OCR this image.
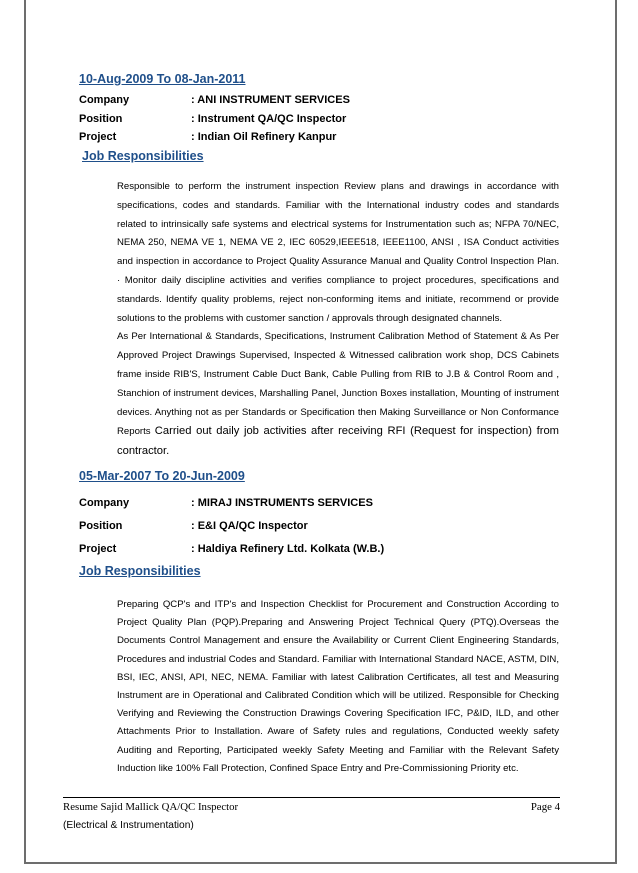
10-Aug-2009 To 08-Jan-2011
Company	: ANI INSTRUMENT SERVICES
Position	: Instrument QA/QC Inspector
Project	: Indian Oil Refinery Kanpur
Job Responsibilities
Responsible to perform the instrument inspection Review plans and drawings in accordance with specifications, codes and standards. Familiar with the International industry codes and standards related to intrinsically safe systems and electrical systems for Instrumentation such as; NFPA 70/NEC, NEMA 250, NEMA VE 1, NEMA VE 2, IEC 60529,IEEE518, IEEE1100, ANSI , ISA Conduct activities and inspection in accordance to Project Quality Assurance Manual and Quality Control Inspection Plan. · Monitor daily discipline activities and verifies compliance to project procedures, specifications and standards. Identify quality problems, reject non-conforming items and initiate, recommend or provide solutions to the problems with customer sanction / approvals through designated channels.
As Per International & Standards, Specifications, Instrument Calibration Method of Statement & As Per Approved Project Drawings Supervised, Inspected & Witnessed calibration work shop, DCS Cabinets frame inside RIB'S, Instrument Cable Duct Bank, Cable Pulling from RIB to J.B & Control Room and , Stanchion of instrument devices, Marshalling Panel, Junction Boxes installation, Mounting of instrument devices. Anything not as per Standards or Specification then Making Surveillance or Non Conformance Reports Carried out daily job activities after receiving RFI (Request for inspection) from contractor.
05-Mar-2007 To 20-Jun-2009
Company	: MIRAJ INSTRUMENTS SERVICES
Position	: E&I QA/QC Inspector
Project	: Haldiya Refinery Ltd. Kolkata (W.B.)
Job Responsibilities
Preparing QCP's and ITP's and Inspection Checklist for Procurement and Construction According to Project Quality Plan (PQP).Preparing and Answering Project Technical Query (PTQ).Overseas the Documents Control Management and ensure the Availability or Current Client Engineering Standards, Procedures and industrial Codes and Standard. Familiar with International Standard NACE, ASTM, DIN, BSI, IEC, ANSI, API, NEC, NEMA. Familiar with latest Calibration Certificates, all test and Measuring Instrument are in Operational and Calibrated Condition which will be utilized. Responsible for Checking Verifying and Reviewing the Construction Drawings Covering Specification IFC, P&ID, ILD, and other Attachments Prior to Installation. Aware of Safety rules and regulations, Conducted weekly safety Auditing and Reporting, Participated weekly Safety Meeting and Familiar with the Relevant Safety Induction like 100% Fall Protection, Confined Space Entry and Pre-Commissioning Priority etc.
Resume Sajid Mallick QA/QC Inspector	Page 4
(Electrical & Instrumentation)
